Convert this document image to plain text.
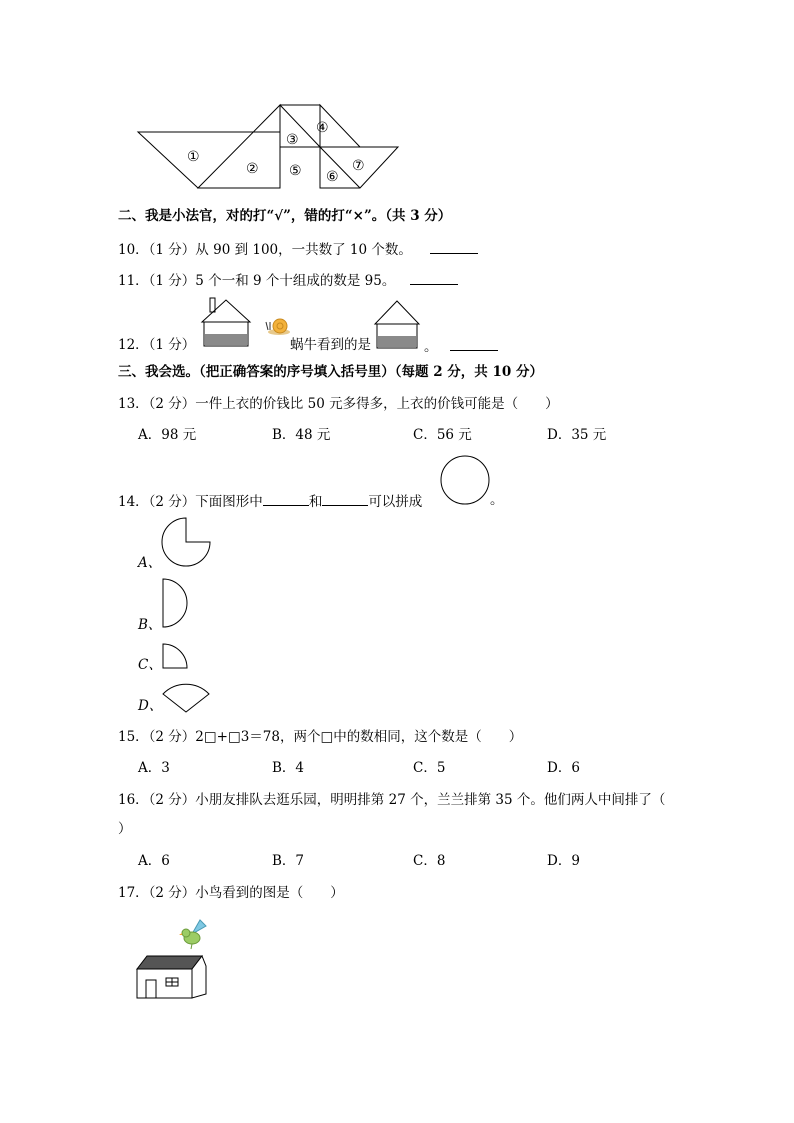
①
②
③
④
⑤ ⑥
⑦
二、我是小法官，对的打“√”，错的打“×”。（共 3 分）
10．（1 分）从 90 到 100，一共数了 10 个数。
11．（1 分）5 个一和 9 个十组成的数是 95。
12．（1 分）	蜗牛看到的是	。
三、我会选。（把正确答案的序号填入括号里）（每题 2 分，共 10 分）
13．（2 分）一件上衣的价钱比 50 元多得多，上衣的价钱可能是（　　）
A．98 元	B．48 元	C．56 元	D．35 元
14．（2 分）下面图形中	和	可以拼成	。
A、
B、
C、
D、
15．（2 分）2□+□3＝78，两个□中的数相同，这个数是（　　）
A．3	B．4	C．5	D．6
16．（2 分）小朋友排队去逛乐园，明明排第 27 个，兰兰排第 35 个。他们两人中间排了（
）
A．6	B．7	C．8	D．9
17．（2 分）小鸟看到的图是（　　）
